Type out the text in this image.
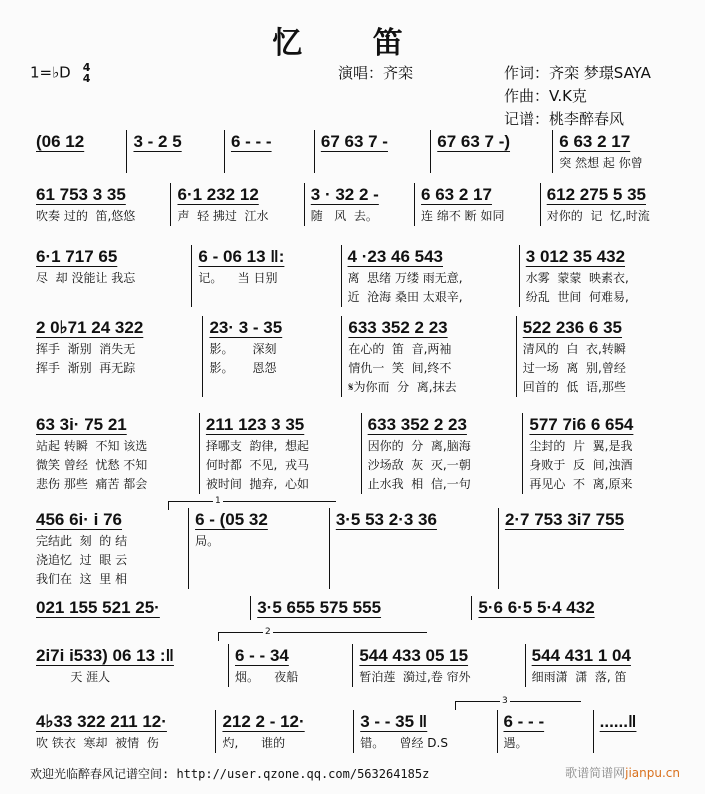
忆 笛
1=♭D 4
4	演唱：齐栾	作词：齐栾 梦璟SAYA
作曲：V.K克
记谱：桃李醉春风
(06 12	3 - 2 5	6 - - -	67 63 7 -	67 63 7 -)	6 63 2 17
突 然想 起 你曾
61 753 3 35
吹奏 过的  笛,悠悠
6·1 232 12
声  轻 拂过  江水
3 · 32 2 -
随   风  去。
6 63 2 17
连 绵不 断 如同
612 275 5 35
对你的  记  忆,时流
6·1 717 65
尽  却 没能让 我忘
6 - 06 13 ‖:
记。    当 日别
4 ·23 46 543
离  思绪 万缕 雨无意,
近  沧海 桑田 太艰辛,
3 012 35 432
水雾  蒙蒙  映素衣,
纷乱  世间  何难易,
2 0♭71 24 322
挥手  渐别  消失无
挥手  渐别  再无踪
23· 3 - 35
影。     深刻
影。     恩怨
633 352 2 23
在心的  笛  音,两袖
情仇一  笑  间,终不
𝄋为你而  分  离,抹去
522 236 6 35
清风的  白  衣,转瞬
过一场  离  别,曾经
回首的  低  语,那些
63 3i· 75 21
站起 转瞬  不知 该选
微笑 曾经  忧愁 不知
悲伤 那些  痛苦 都会
211 123 3 35
择哪支  韵律,  想起
何时都  不见,  戎马
被时间  抛弃,  心如
633 352 2 23
因你的  分  离,脑海
沙场敌  灰  灭,一朝
止水我  相  信,一句
577 7i6 6 654
尘封的  片  翼,是我
身败于  反  间,浊酒
再见心  不  离,原来
456 6i· i 76
完结此  刻  的 结
浇追忆  过  眼 云
我们在  这  里 相
6 - (05 32
局。
3·5 53 2·3 36	2·7 753 3i7 755
021 155 521 25·	3·5 655 575 555	5·6 6·5 5·4 432
2i7i i533) 06 13 :‖
天 涯人
6 - - 34
烟。    夜船
544 433 05 15
暂泊莲  漪过,卷 帘外
544 431 1 04
细雨潇  潇  落, 笛
4♭33 322 211 12·
吹 铁衣  寒却  被情  伤
212 2 - 12·
灼,      谁的
3 - - 35 ‖
错。    曾经 D.S
6 - - -
遇。
......‖
1
2
3
欢迎光临醉春风记谱空间: http://user.qzone.qq.com/563264185z	歌谱简谱网jianpu.cn
